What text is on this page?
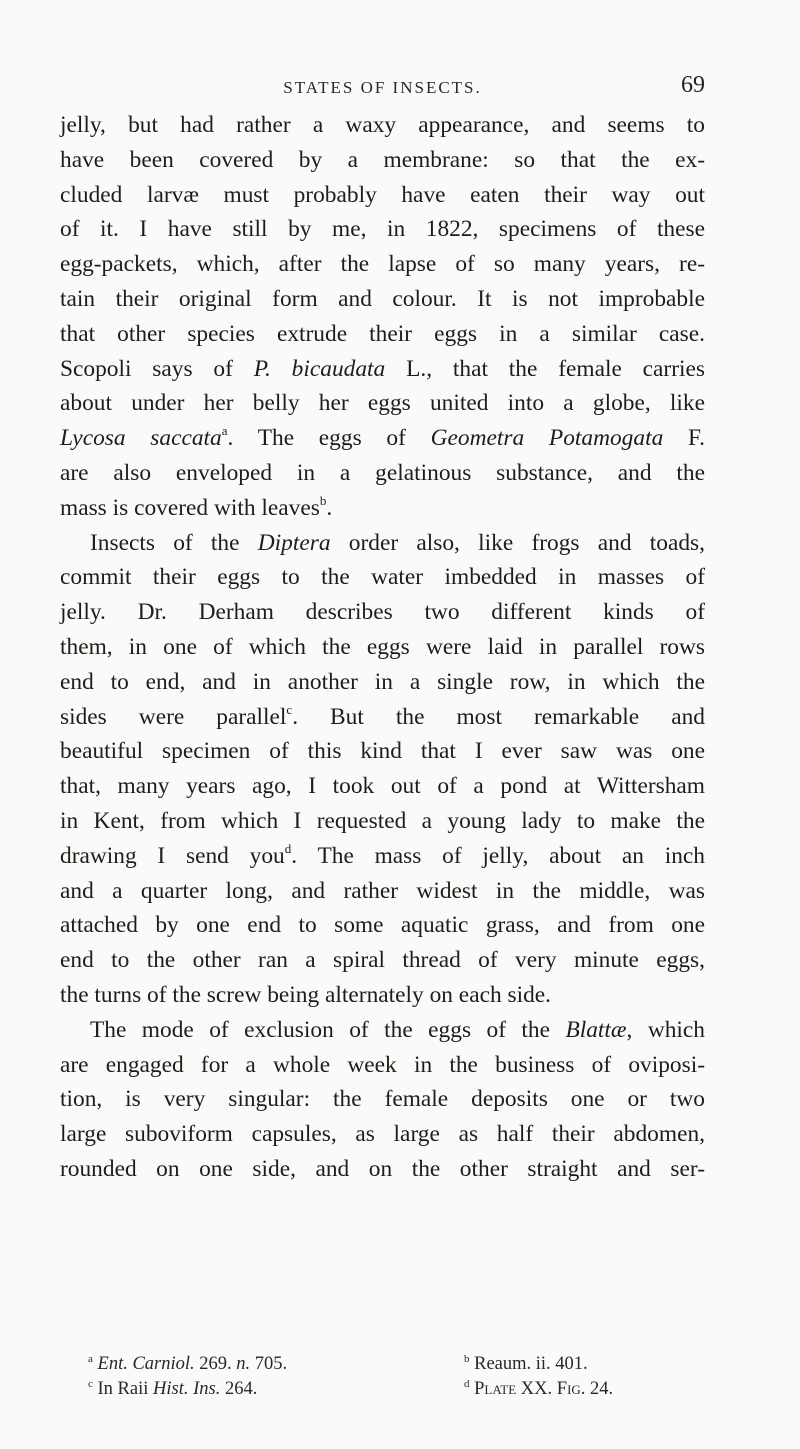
STATES OF INSECTS.	69
jelly, but had rather a waxy appearance, and seems to
have been covered by a membrane: so that the ex-
cluded larvæ must probably have eaten their way out
of it. I have still by me, in 1822, specimens of these
egg-packets, which, after the lapse of so many years, re-
tain their original form and colour. It is not improbable
that other species extrude their eggs in a similar case.
Scopoli says of P. bicaudata L., that the female carries
about under her belly her eggs united into a globe, like
Lycosa saccata$^a$. The eggs of Geometra Potamogata F.
are also enveloped in a gelatinous substance, and the
mass is covered with leaves$^b$.
Insects of the Diptera order also, like frogs and toads,
commit their eggs to the water imbedded in masses of
jelly. Dr. Derham describes two different kinds of
them, in one of which the eggs were laid in parallel rows
end to end, and in another in a single row, in which the
sides were parallel$^c$. But the most remarkable and
beautiful specimen of this kind that I ever saw was one
that, many years ago, I took out of a pond at Wittersham
in Kent, from which I requested a young lady to make the
drawing I send you$^d$. The mass of jelly, about an inch
and a quarter long, and rather widest in the middle, was
attached by one end to some aquatic grass, and from one
end to the other ran a spiral thread of very minute eggs,
the turns of the screw being alternately on each side.
The mode of exclusion of the eggs of the Blattæ, which
are engaged for a whole week in the business of oviposi-
tion, is very singular: the female deposits one or two
large suboviform capsules, as large as half their abdomen,
rounded on one side, and on the other straight and ser-
$^a$ Ent. Carniol. 269. n. 705.	$^b$ Reaum. ii. 401.
$^c$ In Raii Hist. Ins. 264.	$^d$ Plate XX. Fig. 24.
